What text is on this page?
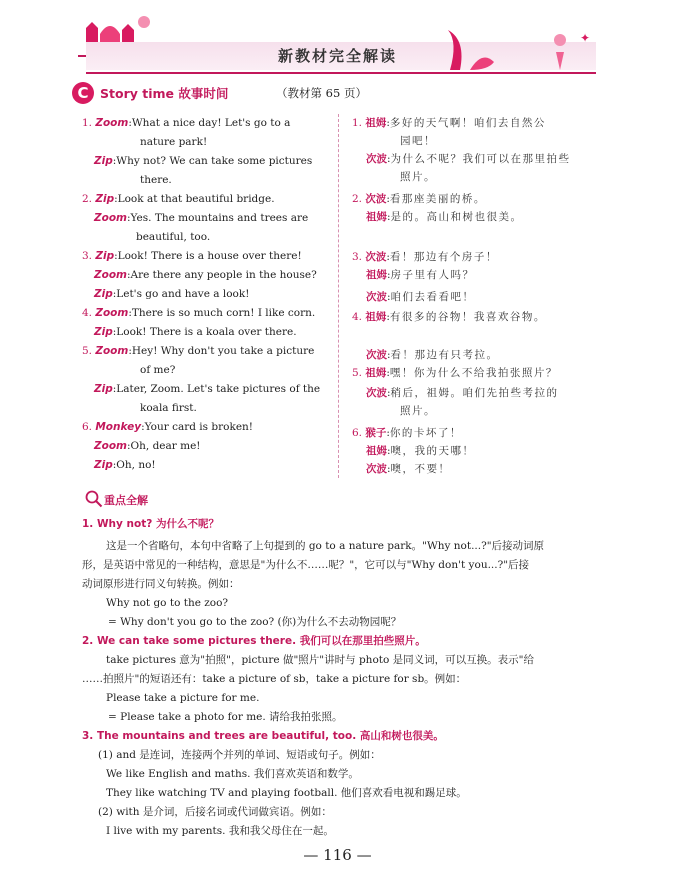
新教材完全解读
✦
C Story time 故事时间	（教材第 65 页）
1. Zoom:What a nice day! Let's go to a
nature park!
Zip:Why not? We can take some pictures
there.
2. Zip:Look at that beautiful bridge.
Zoom:Yes. The mountains and trees are
beautiful, too.
3. Zip:Look! There is a house over there!
Zoom:Are there any people in the house?
Zip:Let's go and have a look!
4. Zoom:There is so much corn! I like corn.
Zip:Look! There is a koala over there.
5. Zoom:Hey! Why don't you take a picture
of me?
Zip:Later, Zoom. Let's take pictures of the
koala first.
6. Monkey:Your card is broken!
Zoom:Oh, dear me!
Zip:Oh, no!
1. 祖姆:多好的天气啊！咱们去自然公
园吧！
次波:为什么不呢？我们可以在那里拍些
照片。
2. 次波:看那座美丽的桥。
祖姆:是的。高山和树也很美。
3. 次波:看！那边有个房子！
祖姆:房子里有人吗？
次波:咱们去看看吧！
4. 祖姆:有很多的谷物！我喜欢谷物。
次波:看！那边有只考拉。
5. 祖姆:嘿！你为什么不给我拍张照片？
次波:稍后，祖姆。咱们先拍些考拉的
照片。
6. 猴子:你的卡坏了！
祖姆:噢，我的天哪！
次波:噢，不要！
重点全解
1. Why not? 为什么不呢？
这是一个省略句，本句中省略了上句提到的 go to a nature park。"Why not...?"后接动词原
形，是英语中常见的一种结构，意思是"为什么不……呢？"，它可以与"Why don't you...?"后接
动词原形进行同义句转换。例如：
Why not go to the zoo?
= Why don't you go to the zoo? (你)为什么不去动物园呢？
2. We can take some pictures there. 我们可以在那里拍些照片。
take pictures 意为"拍照"，picture 做"照片"讲时与 photo 是同义词，可以互换。表示"给
……拍照片"的短语还有：take a picture of sb，take a picture for sb。例如：
Please take a picture for me.
= Please take a photo for me. 请给我拍张照。
3. The mountains and trees are beautiful, too. 高山和树也很美。
(1) and 是连词，连接两个并列的单词、短语或句子。例如：
We like English and maths. 我们喜欢英语和数学。
They like watching TV and playing football. 他们喜欢看电视和踢足球。
(2) with 是介词，后接名词或代词做宾语。例如：
I live with my parents. 我和我父母住在一起。
— 116 —
